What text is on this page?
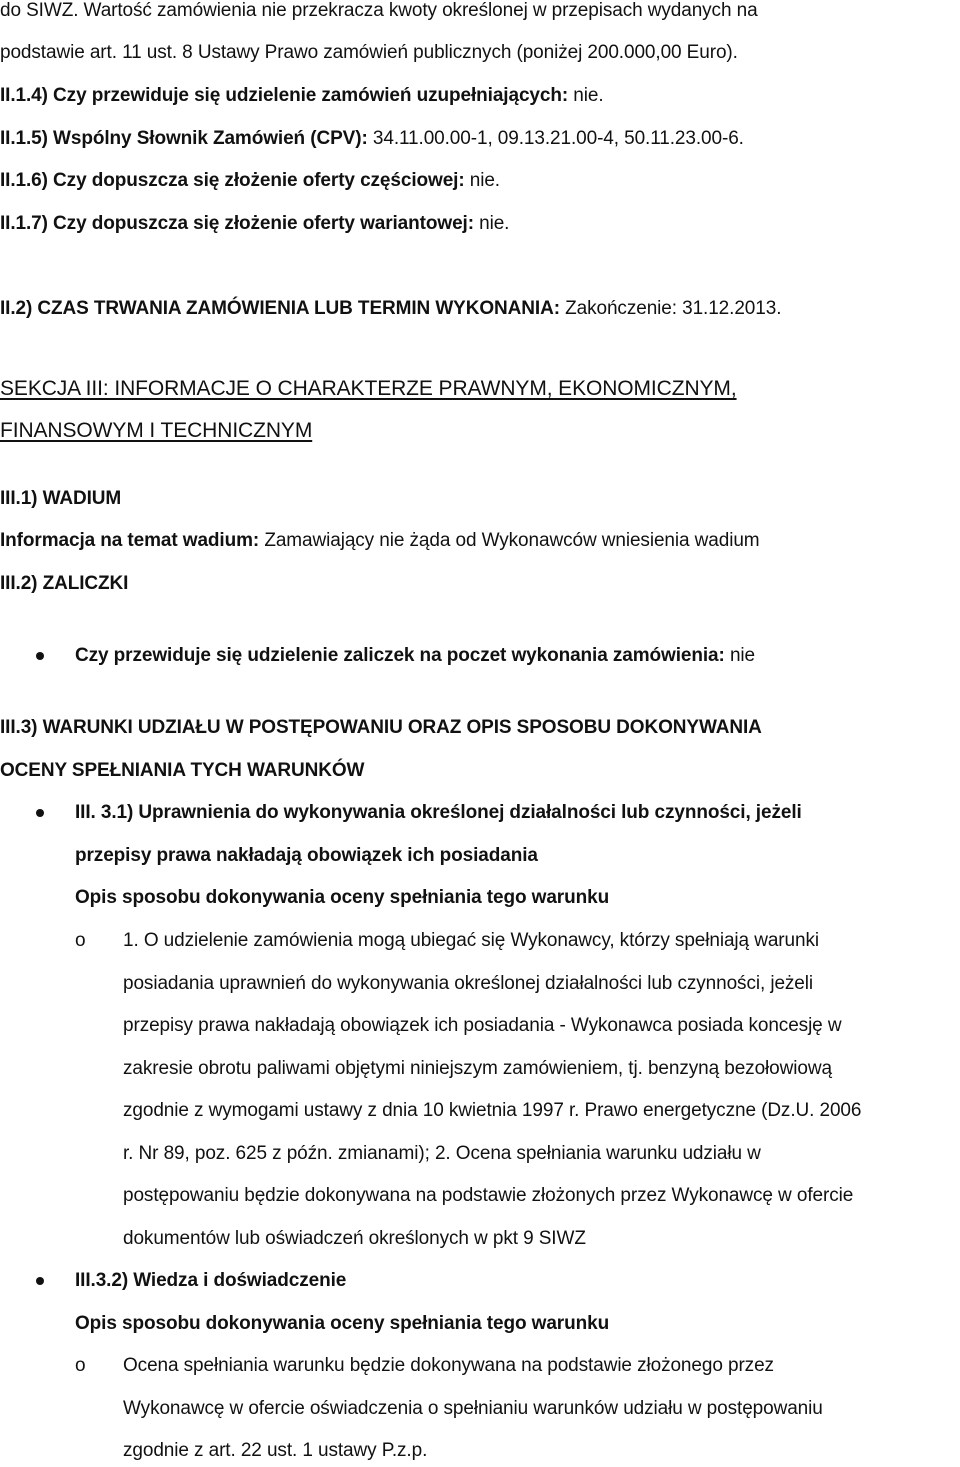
do SIWZ. Wartość zamówienia nie przekracza kwoty określonej w przepisach wydanych na

podstawie art. 11 ust. 8 Ustawy Prawo zamówień publicznych (poniżej 200.000,00 Euro).

II.1.4) Czy przewiduje się udzielenie zamówień uzupełniających: nie.

II.1.5) Wspólny Słownik Zamówień (CPV): 34.11.00.00-1, 09.13.21.00-4, 50.11.23.00-6.

II.1.6) Czy dopuszcza się złożenie oferty częściowej: nie.

II.1.7) Czy dopuszcza się złożenie oferty wariantowej: nie.

II.2) CZAS TRWANIA ZAMÓWIENIA LUB TERMIN WYKONANIA: Zakończenie: 31.12.2013.

SEKCJA III: INFORMACJE O CHARAKTERZE PRAWNYM, EKONOMICZNYM,

FINANSOWYM I TECHNICZNYM

III.1) WADIUM

Informacja na temat wadium: Zamawiający nie żąda od Wykonawców wniesienia wadium

III.2) ZALICZKI

Czy przewiduje się udzielenie zaliczek na poczet wykonania zamówienia: nie

III.3) WARUNKI UDZIAŁU W POSTĘPOWANIU ORAZ OPIS SPOSOBU DOKONYWANIA

OCENY SPEŁNIANIA TYCH WARUNKÓW

III. 3.1) Uprawnienia do wykonywania określonej działalności lub czynności, jeżeli

przepisy prawa nakładają obowiązek ich posiadania

Opis sposobu dokonywania oceny spełniania tego warunku

o 1. O udzielenie zamówienia mogą ubiegać się Wykonawcy, którzy spełniają warunki

posiadania uprawnień do wykonywania określonej działalności lub czynności, jeżeli

przepisy prawa nakładają obowiązek ich posiadania - Wykonawca posiada koncesję w

zakresie obrotu paliwami objętymi niniejszym zamówieniem, tj. benzyną bezołowiową

zgodnie z wymogami ustawy z dnia 10 kwietnia 1997 r. Prawo energetyczne (Dz.U. 2006

r. Nr 89, poz. 625 z późn. zmianami); 2. Ocena spełniania warunku udziału w

postępowaniu będzie dokonywana na podstawie złożonych przez Wykonawcę w ofercie

dokumentów lub oświadczeń określonych w pkt 9 SIWZ

III.3.2) Wiedza i doświadczenie

Opis sposobu dokonywania oceny spełniania tego warunku

o Ocena spełniania warunku będzie dokonywana na podstawie złożonego przez

Wykonawcę w ofercie oświadczenia o spełnianiu warunków udziału w postępowaniu

zgodnie z art. 22 ust. 1 ustawy P.z.p.
